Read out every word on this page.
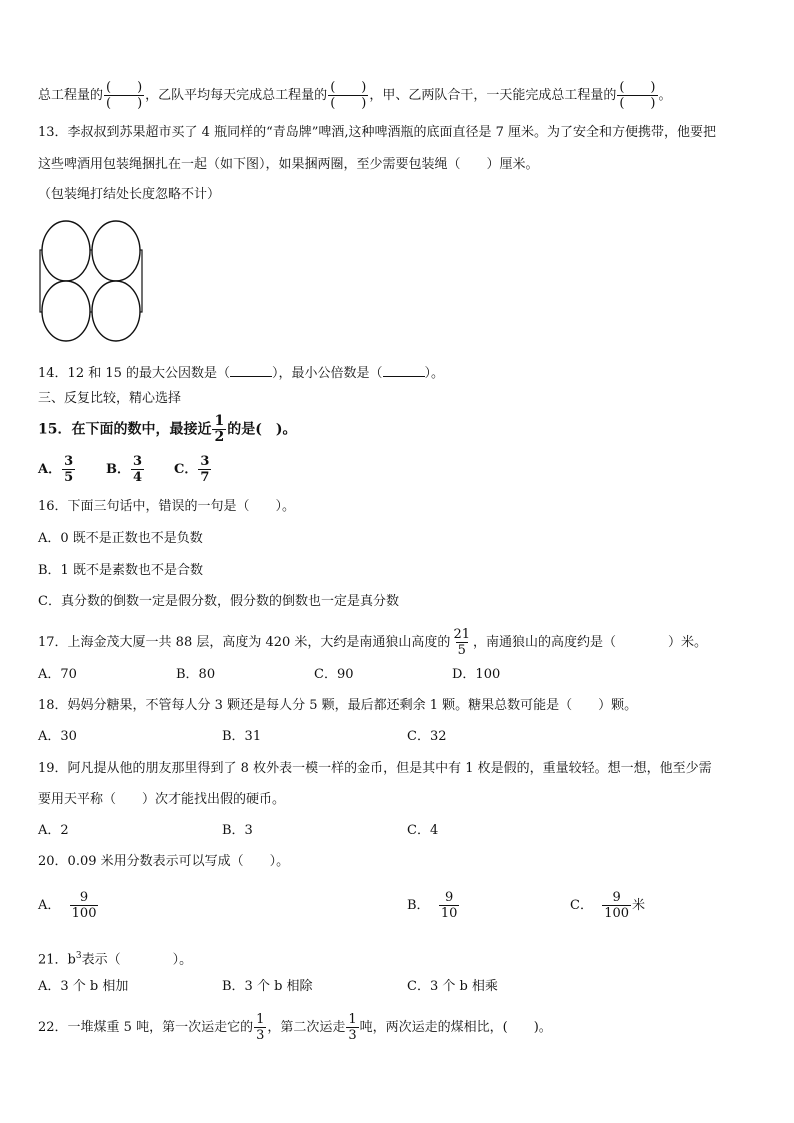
总工程量的 $\frac{( )}{( )}$ ，乙队平均每天完成总工程量的 $\frac{( )}{( )}$ ，甲、乙两队合干，一天能完成总工程量的 $\frac{( )}{( )}$ 。
13．李叔叔到苏果超市买了 4 瓶同样的“青岛牌”啤酒,这种啤酒瓶的底面直径是 7 厘米。为了安全和方便携带，他要把
这些啤酒用包装绳捆扎在一起（如下图），如果捆两圈，至少需要包装绳（　　）厘米。
（包装绳打结处长度忽略不计）
14．12 和 15 的最大公因数是（	），最小公倍数是（	）。
三、反复比较，精心选择
15．在下面的数中，最接近 $\frac{1}{2}$ 的是(　)。
A． $\frac{3}{5}$ B． $\frac{3}{4}$ C． $\frac{3}{7}$
16．下面三句话中，错误的一句是（　　）。
A．0 既不是正数也不是负数
B．1 既不是素数也不是合数
C．真分数的倒数一定是假分数，假分数的倒数也一定是真分数
17．上海金茂大厦一共 88 层，高度为 420 米，大约是南通狼山高度的 $\frac{21}{5}$ ，南通狼山的高度约是（　　　　）米。
A．70	B．80	C．90	D．100
18．妈妈分糖果，不管每人分 3 颗还是每人分 5 颗，最后都还剩余 1 颗。糖果总数可能是（　　）颗。
A．30	B．31	C．32
19．阿凡提从他的朋友那里得到了 8 枚外表一模一样的金币，但是其中有 1 枚是假的，重量较轻。想一想，他至少需
要用天平称（　　）次才能找出假的硬币。
A．2	B．3	C．4
20．0.09 米用分数表示可以写成（　　）。
A． $\frac{9}{100}$	B． $\frac{9}{10}$	C． $\frac{9}{100}$ 米
21．$b^3$表示（　　　　）。
A．3 个 b 相加	B．3 个 b 相除	C．3 个 b 相乘
22．一堆煤重 5 吨，第一次运走它的 $\frac{1}{3}$ ，第二次运走 $\frac{1}{3}$ 吨，两次运走的煤相比，(　　)。
